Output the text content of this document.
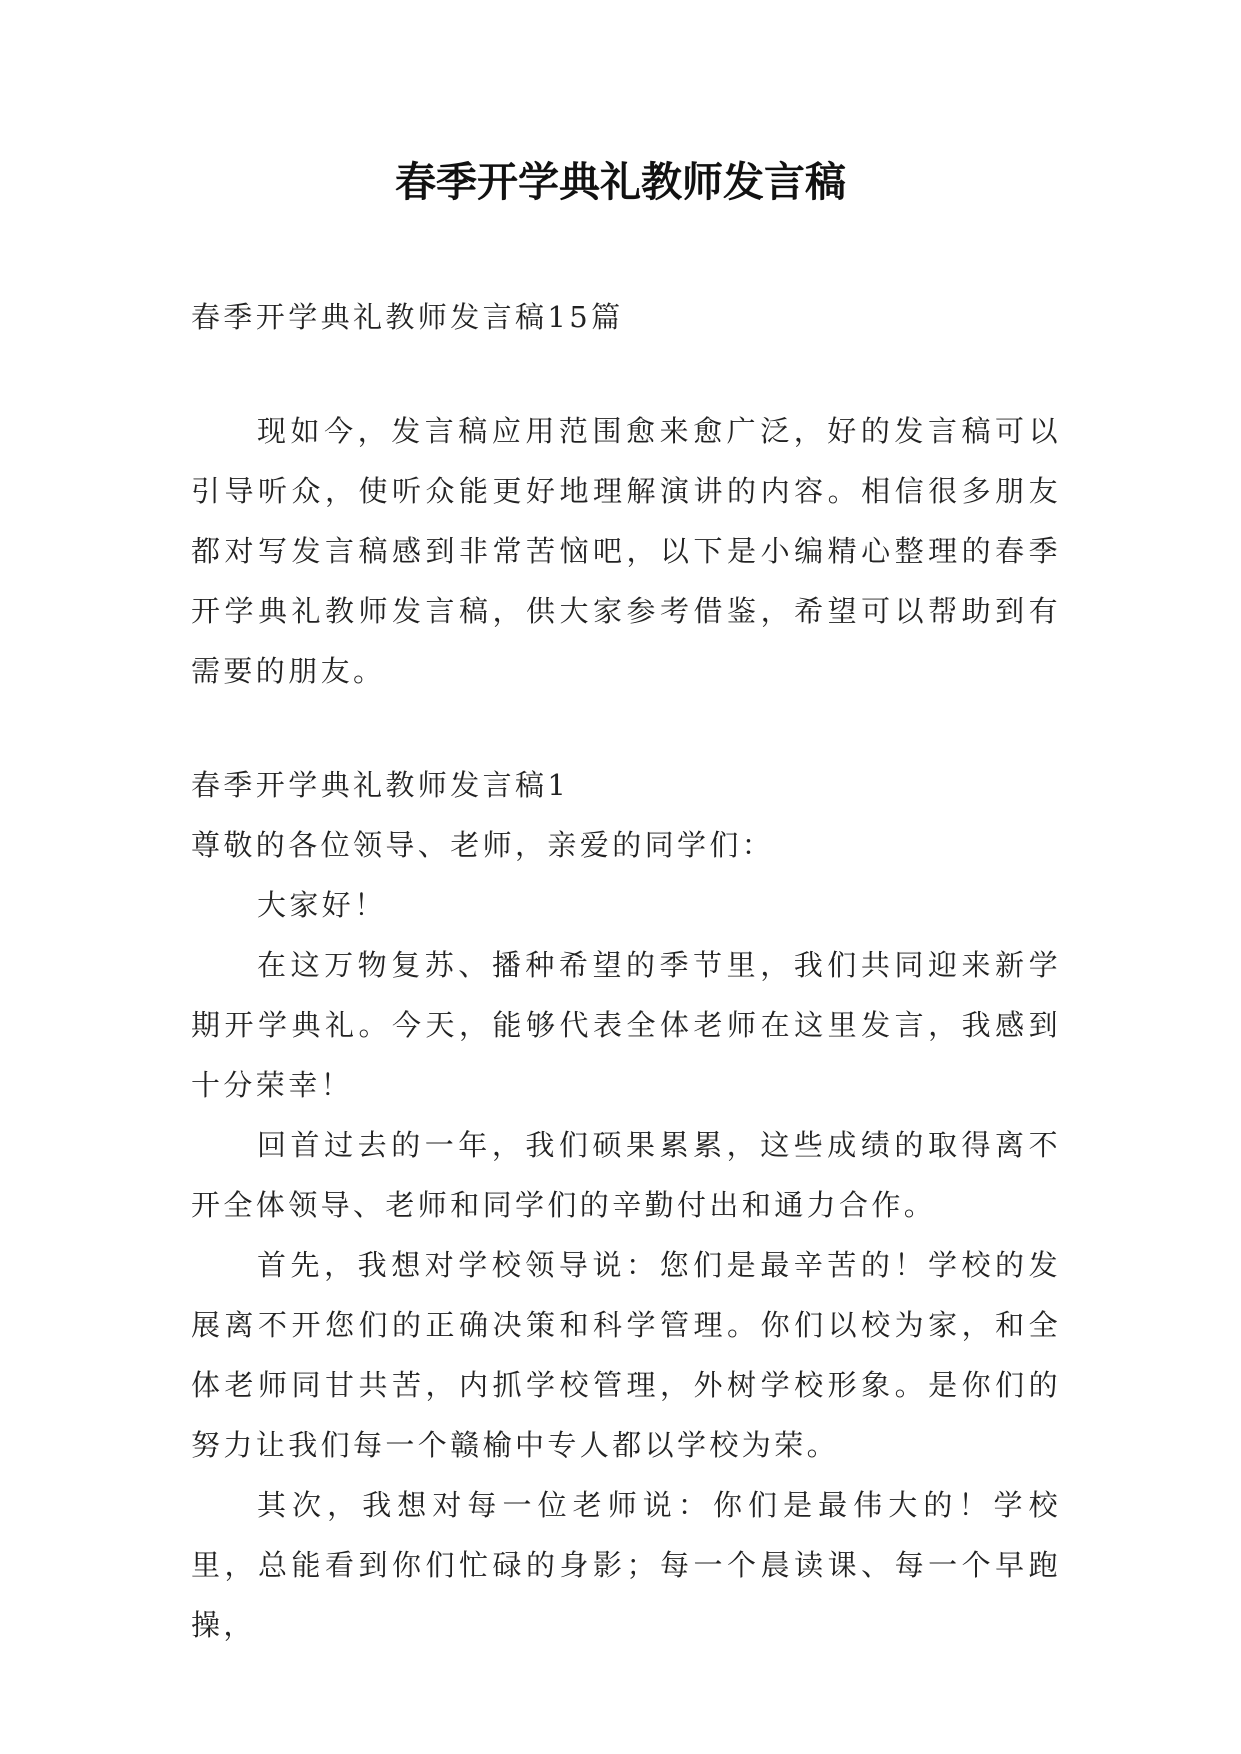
春季开学典礼教师发言稿

春季开学典礼教师发言稿15篇

现如今，发言稿应用范围愈来愈广泛，好的发言稿可以引导听众，使听众能更好地理解演讲的内容。相信很多朋友都对写发言稿感到非常苦恼吧，以下是小编精心整理的春季开学典礼教师发言稿，供大家参考借鉴，希望可以帮助到有需要的朋友。

春季开学典礼教师发言稿1

尊敬的各位领导、老师，亲爱的同学们：

大家好！

在这万物复苏、播种希望的季节里，我们共同迎来新学期开学典礼。今天，能够代表全体老师在这里发言，我感到十分荣幸！

回首过去的一年，我们硕果累累，这些成绩的取得离不开全体领导、老师和同学们的辛勤付出和通力合作。

首先，我想对学校领导说：您们是最辛苦的！学校的发展离不开您们的正确决策和科学管理。你们以校为家，和全体老师同甘共苦，内抓学校管理，外树学校形象。是你们的努力让我们每一个赣榆中专人都以学校为荣。

其次，我想对每一位老师说：你们是最伟大的！学校里，总能看到你们忙碌的身影；每一个晨读课、每一个早跑操，
